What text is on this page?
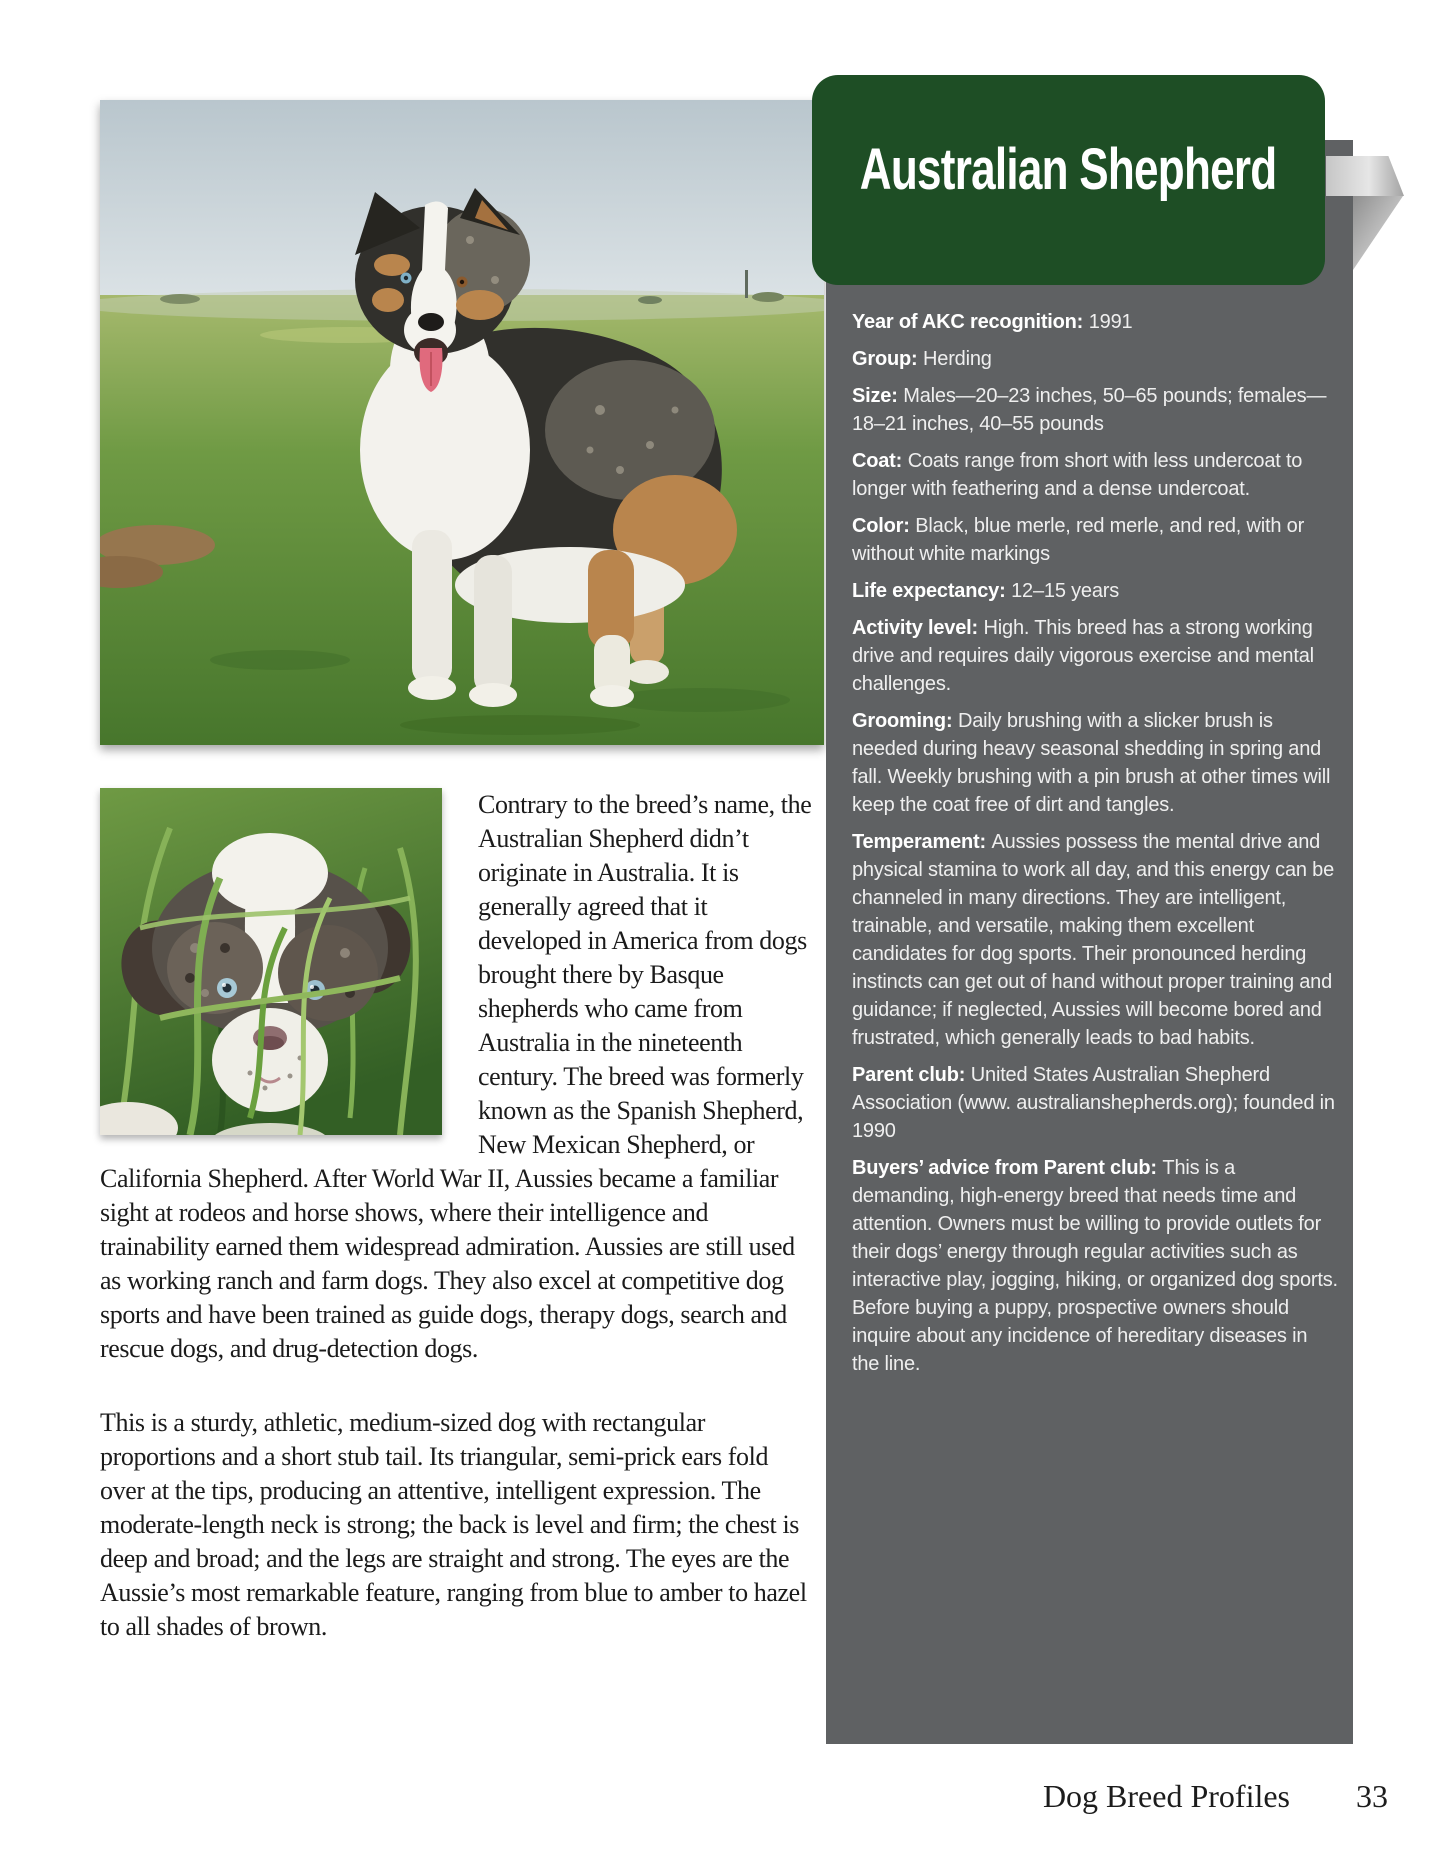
Year of AKC recognition: 1991

Group: Herding

Size: Males—20–23 inches, 50–65 pounds; females—18–21 inches, 40–55 pounds

Coat: Coats range from short with less undercoat to longer with feathering and a dense undercoat.

Color: Black, blue merle, red merle, and red, with or without white markings

Life expectancy: 12–15 years

Activity level: High. This breed has a strong working drive and requires daily vigorous exercise and mental challenges.

Grooming: Daily brushing with a slicker brush is needed during heavy seasonal shedding in spring and fall. Weekly brushing with a pin brush at other times will keep the coat free of dirt and tangles.

Temperament: Aussies possess the mental drive and physical stamina to work all day, and this energy can be channeled in many directions. They are intelligent, trainable, and versatile, making them excellent candidates for dog sports. Their pronounced herding instincts can get out of hand without proper training and guidance; if neglected, Aussies will become bored and frustrated, which generally leads to bad habits.

Parent club: United States Australian Shepherd Association (www. australianshepherds.org); founded in 1990

Buyers’ advice from Parent club: This is a demanding, high-energy breed that needs time and attention. Owners must be willing to provide outlets for their dogs’ energy through regular activities such as interactive play, jogging, hiking, or organized dog sports. Before buying a puppy, prospective owners should inquire about any incidence of hereditary diseases in the line.

Australian Shepherd

Contrary to the breed’s name, the Australian Shepherd didn’t originate in Australia. It is generally agreed that it developed in America from dogs brought there by Basque shepherds who came from Australia in the nineteenth century. The breed was formerly known as the Spanish Shepherd, New Mexican Shepherd, or California Shepherd. After World War II, Aussies became a familiar sight at rodeos and horse shows, where their intelligence and trainability earned them widespread admiration. Aussies are still used as working ranch and farm dogs. They also excel at competitive dog sports and have been trained as guide dogs, therapy dogs, search and rescue dogs, and drug-detection dogs.

This is a sturdy, athletic, medium-sized dog with rectangular proportions and a short stub tail. Its triangular, semi-prick ears fold over at the tips, producing an attentive, intelligent expression. The moderate-length neck is strong; the back is level and firm; the chest is deep and broad; and the legs are straight and strong. The eyes are the Aussie’s most remarkable feature, ranging from blue to amber to hazel to all shades of brown.

Dog Breed Profiles 33
